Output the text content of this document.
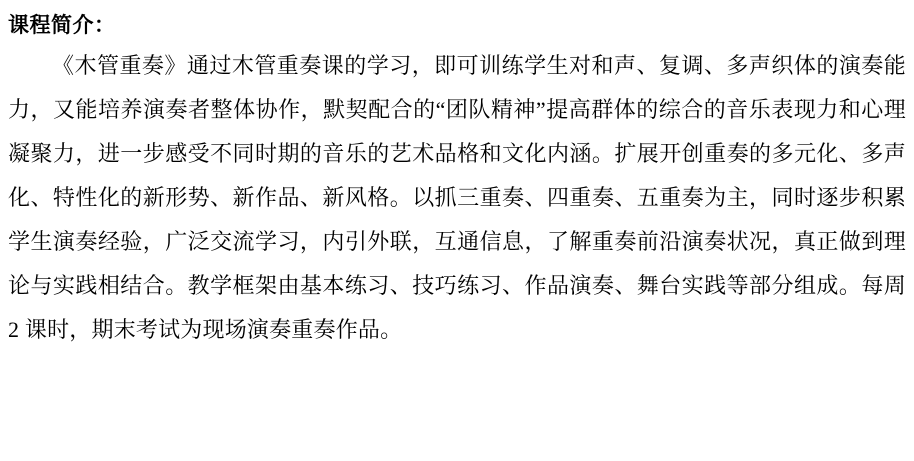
课程简介：

《木管重奏》通过木管重奏课的学习，即可训练学生对和声、复调、多声织体的演奏能力，又能培养演奏者整体协作，默契配合的“团队精神”提高群体的综合的音乐表现力和心理凝聚力，进一步感受不同时期的音乐的艺术品格和文化内涵。扩展开创重奏的多元化、多声化、特性化的新形势、新作品、新风格。以抓三重奏、四重奏、五重奏为主，同时逐步积累学生演奏经验，广泛交流学习，内引外联，互通信息，了解重奏前沿演奏状况，真正做到理论与实践相结合。教学框架由基本练习、技巧练习、作品演奏、舞台实践等部分组成。每周 2 课时，期末考试为现场演奏重奏作品。
